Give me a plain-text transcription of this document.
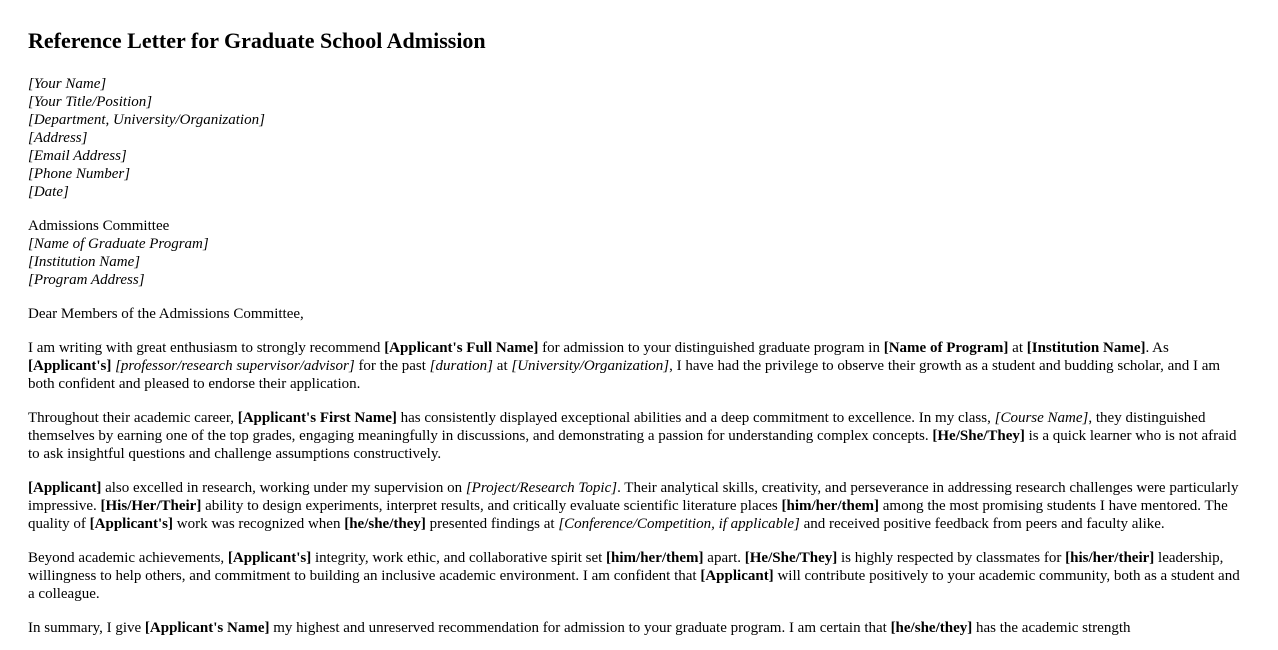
Reference Letter for Graduate School Admission
[Your Name]
[Your Title/Position]
[Department, University/Organization]
[Address]
[Email Address]
[Phone Number]
[Date]
Admissions Committee
[Name of Graduate Program]
[Institution Name]
[Program Address]

Dear Members of the Admissions Committee,

I am writing with great enthusiasm to strongly recommend [Applicant's Full Name] for admission to your distinguished graduate program in [Name of Program] at [Institution Name]. As [Applicant's] [professor/research supervisor/advisor] for the past [duration] at [University/Organization], I have had the privilege to observe their growth as a student and budding scholar, and I am both confident and pleased to endorse their application.

Throughout their academic career, [Applicant's First Name] has consistently displayed exceptional abilities and a deep commitment to excellence. In my class, [Course Name], they distinguished themselves by earning one of the top grades, engaging meaningfully in discussions, and demonstrating a passion for understanding complex concepts. [He/She/They] is a quick learner who is not afraid to ask insightful questions and challenge assumptions constructively.

[Applicant] also excelled in research, working under my supervision on [Project/Research Topic]. Their analytical skills, creativity, and perseverance in addressing research challenges were particularly impressive. [His/Her/Their] ability to design experiments, interpret results, and critically evaluate scientific literature places [him/her/them] among the most promising students I have mentored. The quality of [Applicant's] work was recognized when [he/she/they] presented findings at [Conference/Competition, if applicable] and received positive feedback from peers and faculty alike.

Beyond academic achievements, [Applicant's] integrity, work ethic, and collaborative spirit set [him/her/them] apart. [He/She/They] is highly respected by classmates for [his/her/their] leadership, willingness to help others, and commitment to building an inclusive academic environment. I am confident that [Applicant] will contribute positively to your academic community, both as a student and a colleague.

In summary, I give [Applicant's Name] my highest and unreserved recommendation for admission to your graduate program. I am certain that [he/she/they] has the academic strength
